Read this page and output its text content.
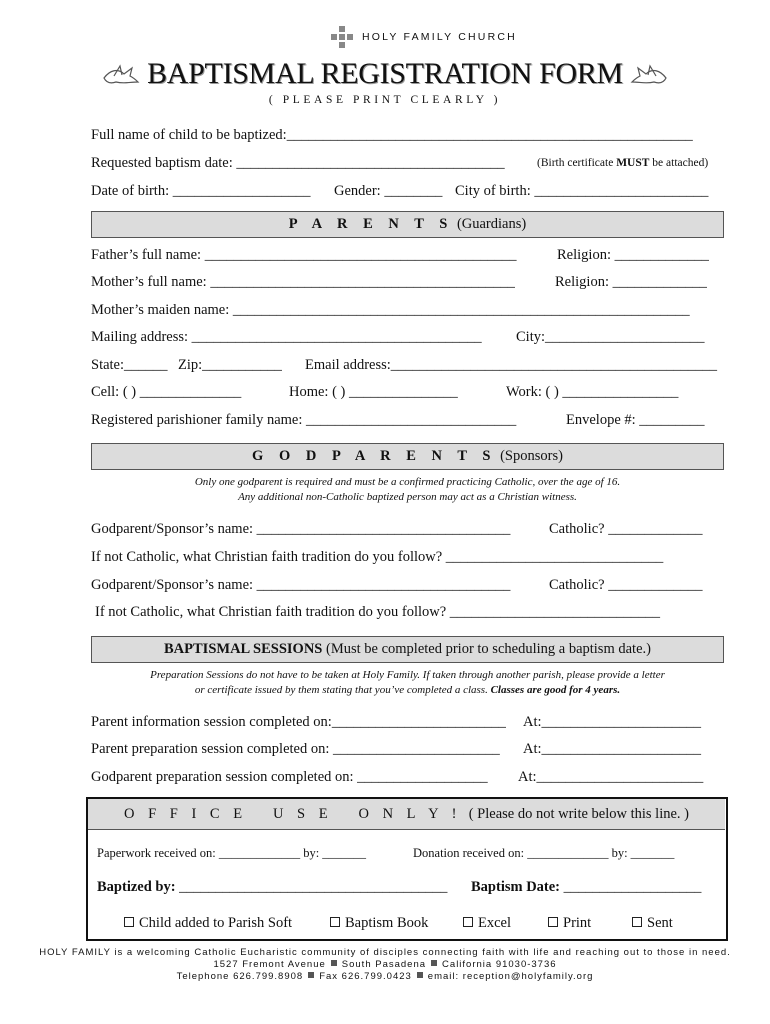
HOLY FAMILY CHURCH
BAPTISMAL REGISTRATION FORM
( PLEASE PRINT CLEARLY )
Full name of child to be baptized:________________________________________________________
Requested baptism date: _____________________________________	(Birth certificate MUST be attached)
Date of birth: ___________________ Gender: ________ City of birth: ________________________
P A R E N T S (Guardians)
Father’s full name: ___________________________________________	Religion: _____________
Mother’s full name: __________________________________________	Religion: _____________
Mother’s maiden name: _______________________________________________________________
Mailing address: ________________________________________ City:______________________
State:______ Zip:___________ Email address:_____________________________________________
Cell: ( ) ______________	Home: ( ) _______________	Work: ( ) ________________
Registered parishioner family name: _____________________________	Envelope #: _________
G O D P A R E N T S (Sponsors)
Only one godparent is required and must be a confirmed practicing Catholic, over the age of 16.
Any additional non-Catholic baptized person may act as a Christian witness.
Godparent/Sponsor’s name: ___________________________________	Catholic? _____________
If not Catholic, what Christian faith tradition do you follow? ______________________________
Godparent/Sponsor’s name: ___________________________________	Catholic? _____________
If not Catholic, what Christian faith tradition do you follow? _____________________________
BAPTISMAL SESSIONS (Must be completed prior to scheduling a baptism date.)
Preparation Sessions do not have to be taken at Holy Family. If taken through another parish, please provide a letter
or certificate issued by them stating that you’ve completed a class. Classes are good for 4 years.
Parent information session completed on:________________________ At:______________________
Parent preparation session completed on: _______________________ At:______________________
Godparent preparation session completed on: __________________ At:_______________________
O F F I C E   U S E   O N L Y !  ( Please do not write below this line. )
Paperwork received on: _____________ by: _______	Donation received on: _____________ by: _______
Baptized by: _____________________________________ Baptism Date: ___________________
Child added to Parish Soft	Baptism Book	Excel	Print	Sent
HOLY FAMILY is a welcoming Catholic Eucharistic community of disciples connecting faith with life and reaching out to those in need.
1527 Fremont Avenue South Pasadena California 91030-3736
Telephone 626.799.8908 Fax 626.799.0423 email: reception@holyfamily.org
